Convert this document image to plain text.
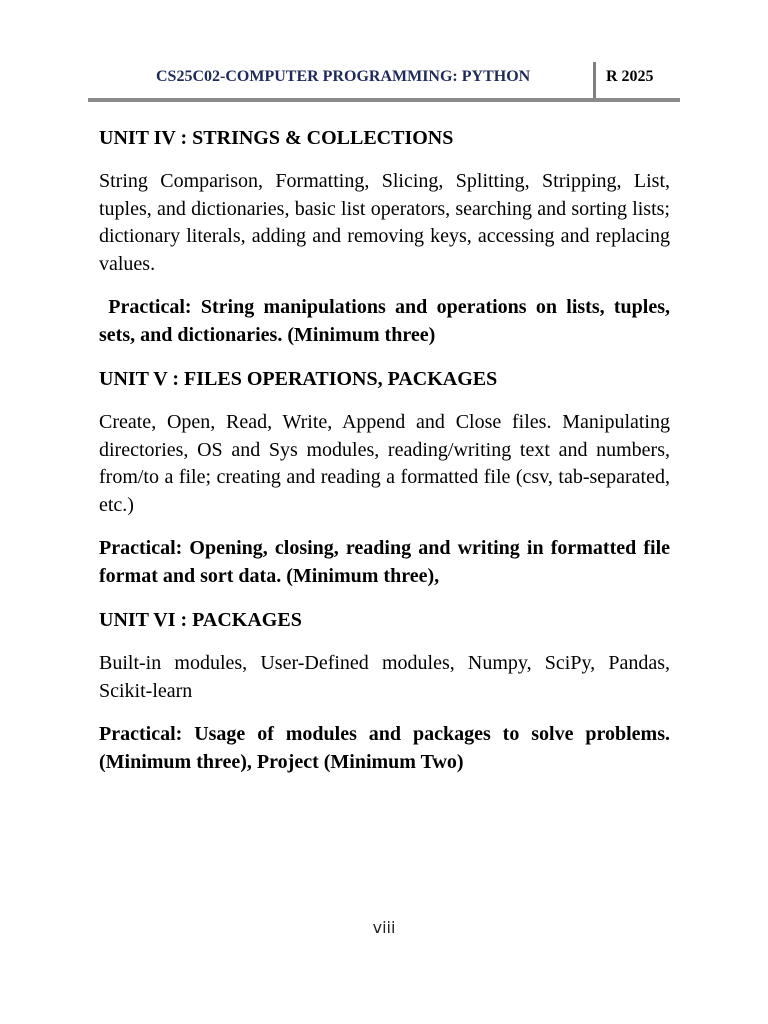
CS25C02-COMPUTER PROGRAMMING: PYTHON	R 2025
UNIT IV : STRINGS & COLLECTIONS
String Comparison, Formatting, Slicing, Splitting, Stripping, List, tuples, and dictionaries, basic list operators, searching and sorting lists; dictionary literals, adding and removing keys, accessing and replacing values.
Practical: String manipulations and operations on lists, tuples, sets, and dictionaries. (Minimum three)
UNIT V : FILES OPERATIONS, PACKAGES
Create, Open, Read, Write, Append and Close files. Manipulating directories, OS and Sys modules, reading/writing text and numbers, from/to a file; creating and reading a formatted file (csv, tab-separated, etc.)
Practical: Opening, closing, reading and writing in formatted file format and sort data. (Minimum three),
UNIT VI : PACKAGES
Built-in modules, User-Defined modules, Numpy, SciPy, Pandas, Scikit-learn
Practical: Usage of modules and packages to solve problems. (Minimum three), Project (Minimum Two)
viii
